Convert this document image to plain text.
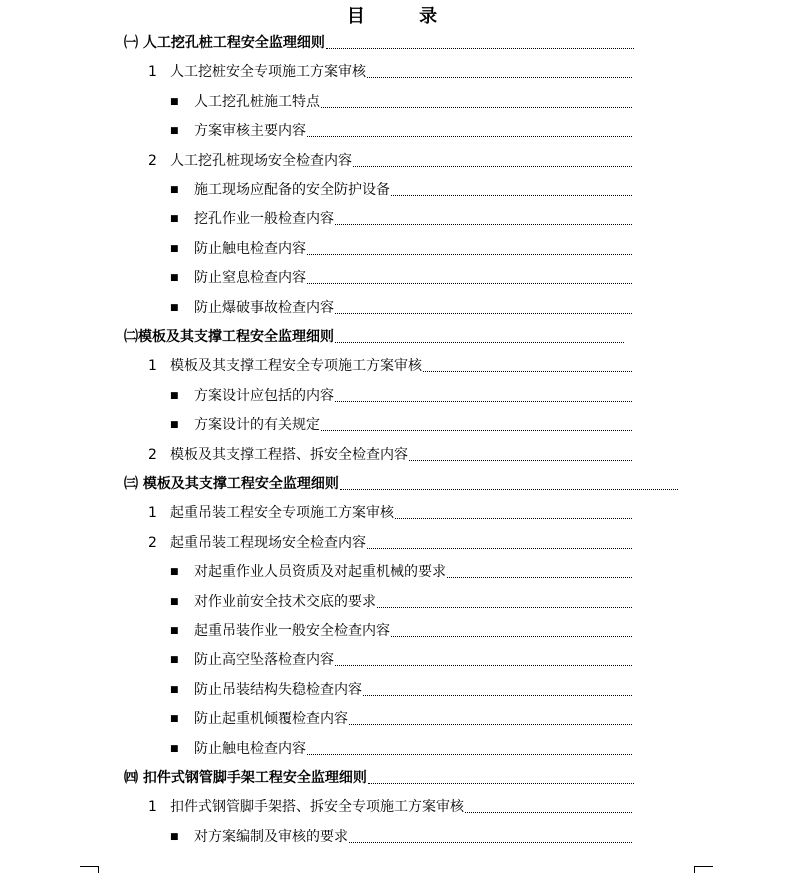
目 录
㈠ 人工挖孔桩工程安全监理细则
1 人工挖桩安全专项施工方案审核
■	人工挖孔桩施工特点
■	方案审核主要内容
2 人工挖孔桩现场安全检查内容
■	施工现场应配备的安全防护设备
■	挖孔作业一般检查内容
■	防止触电检查内容
■	防止窒息检查内容
■	防止爆破事故检查内容
㈡模板及其支撑工程安全监理细则
1 模板及其支撑工程安全专项施工方案审核
■	方案设计应包括的内容
■	方案设计的有关规定
2 模板及其支撑工程搭、拆安全检查内容
㈢ 模板及其支撑工程安全监理细则
1 起重吊装工程安全专项施工方案审核
2 起重吊装工程现场安全检查内容
■	对起重作业人员资质及对起重机械的要求
■	对作业前安全技术交底的要求
■	起重吊装作业一般安全检查内容
■	防止高空坠落检查内容
■	防止吊装结构失稳检查内容
■	防止起重机倾覆检查内容
■	防止触电检查内容
㈣ 扣件式钢管脚手架工程安全监理细则
1 扣件式钢管脚手架搭、拆安全专项施工方案审核
■	对方案编制及审核的要求
